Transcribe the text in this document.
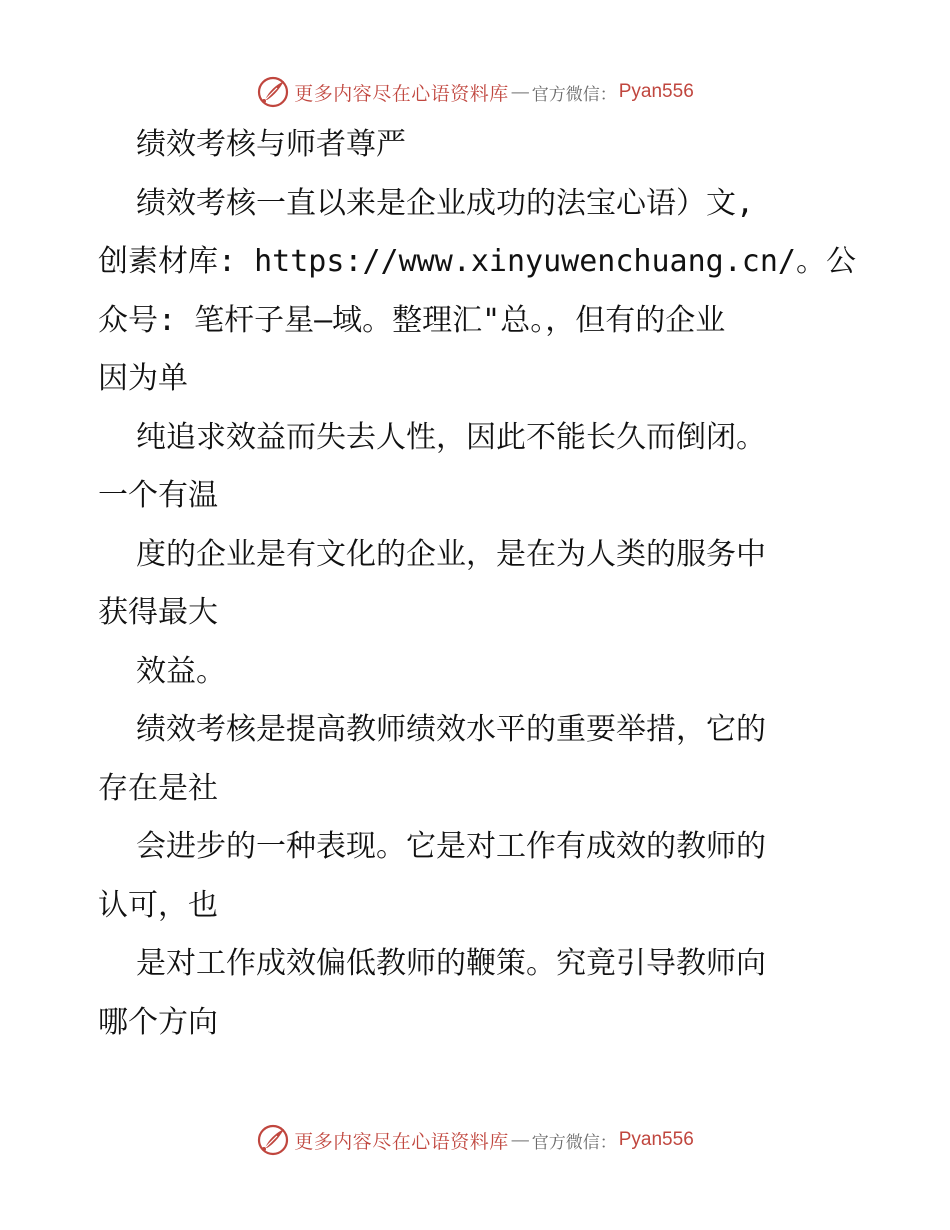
更多内容尽在心语资料库 — 官方微信： Pyan556

绩效考核与师者尊严

绩效考核一直以来是企业成功的法宝心语）文,

创素材库: https://www.xinyuwenchuang.cn/。公

众号: 笔杆子星—域。整理汇"总。，但有的企业

因为单

纯追求效益而失去人性，因此不能长久而倒闭。

一个有温

度的企业是有文化的企业，是在为人类的服务中

获得最大

效益。

绩效考核是提高教师绩效水平的重要举措，它的

存在是社

会进步的一种表现。它是对工作有成效的教师的

认可，也

是对工作成效偏低教师的鞭策。究竟引导教师向

哪个方向

更多内容尽在心语资料库 — 官方微信： Pyan556
